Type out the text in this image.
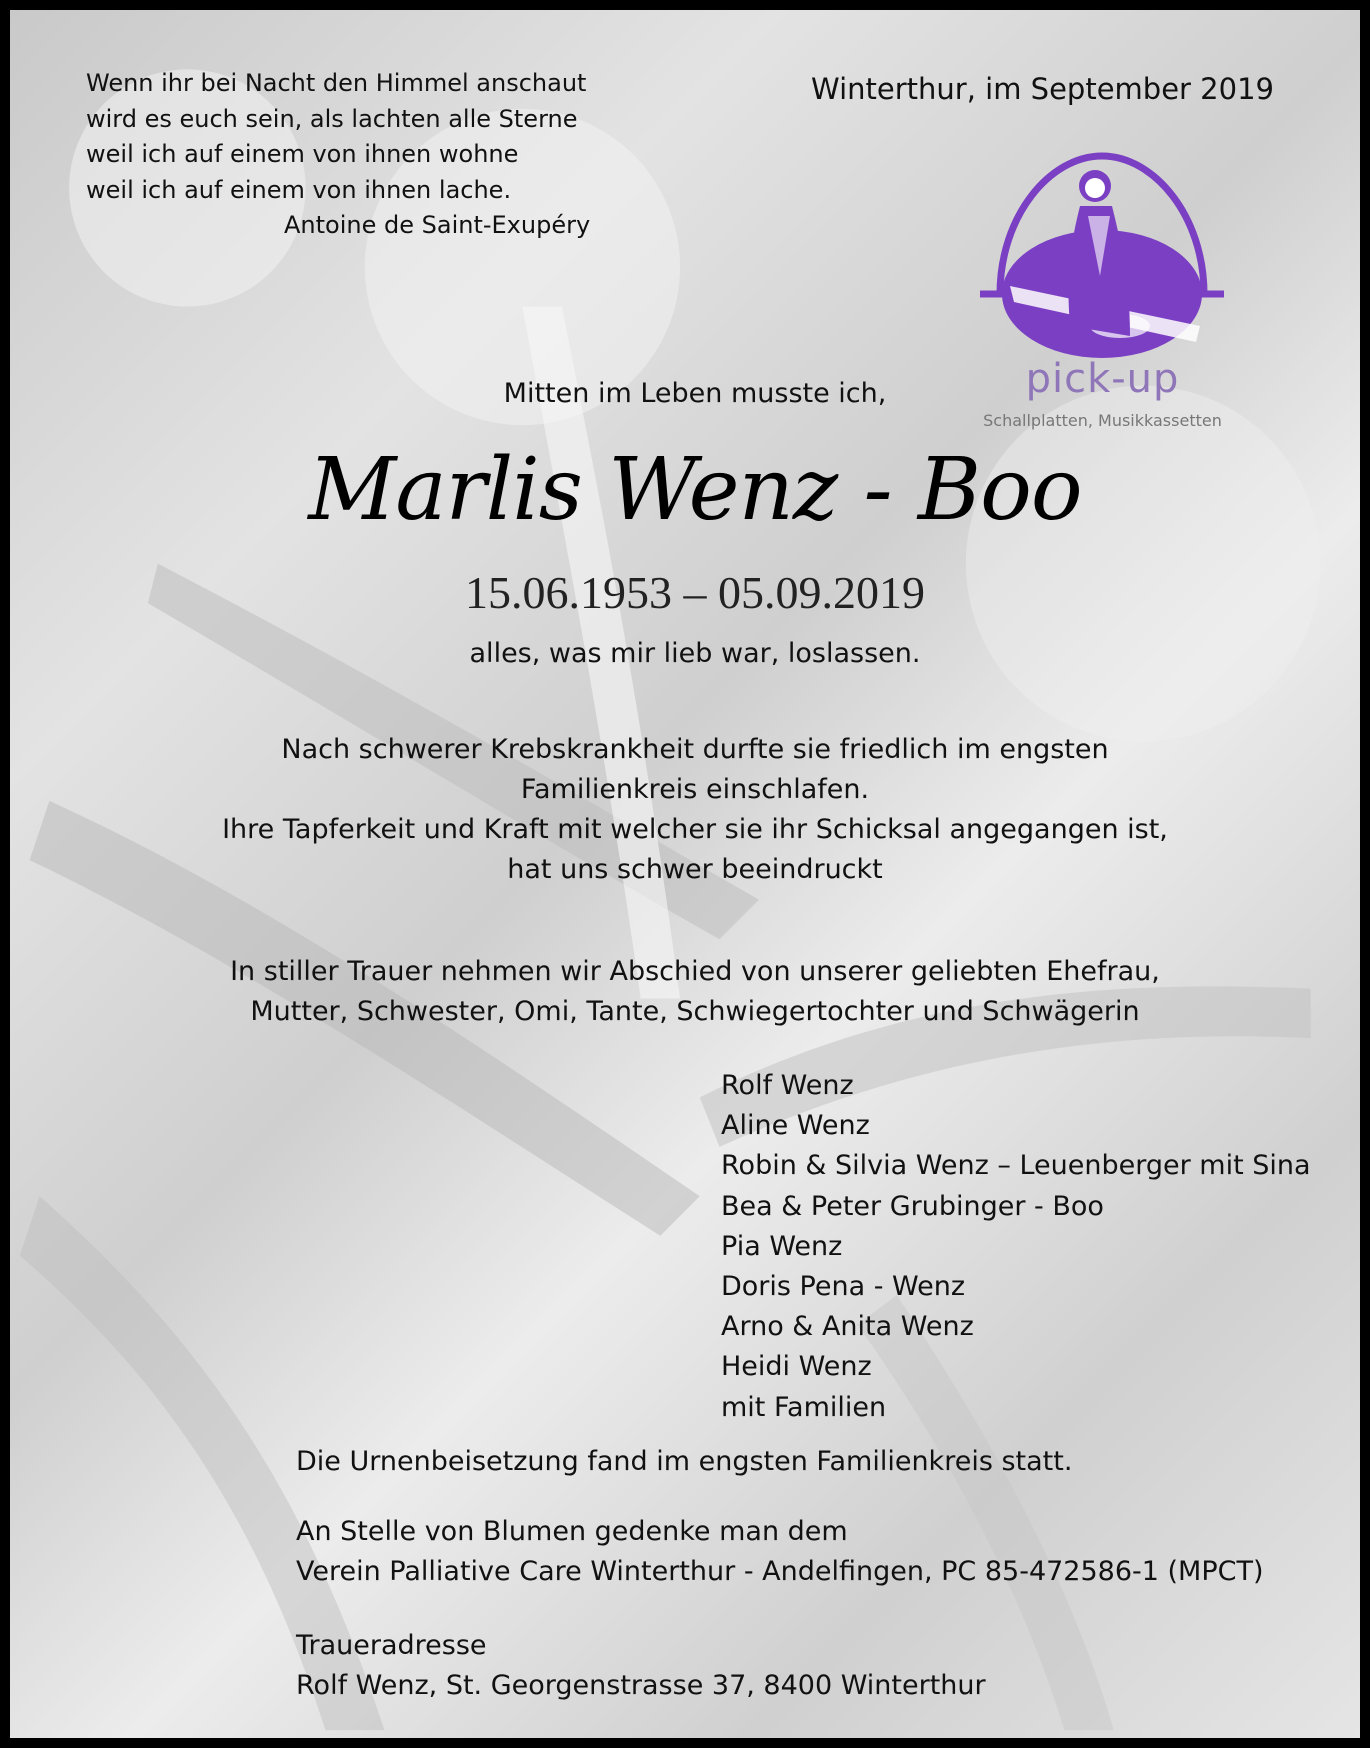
Wenn ihr bei Nacht den Himmel anschaut
wird es euch sein, als lachten alle Sterne
weil ich auf einem von ihnen wohne
weil ich auf einem von ihnen lache.
Antoine de Saint-Exupéry
Winterthur, im September 2019
pick-up
Schallplatten, Musikkassetten
Mitten im Leben musste ich,
Marlis Wenz - Boo
15.06.1953 – 05.09.2019
alles, was mir lieb war, loslassen.
Nach schwerer Krebskrankheit durfte sie friedlich im engsten
Familienkreis einschlafen.
Ihre Tapferkeit und Kraft mit welcher sie ihr Schicksal angegangen ist,
hat uns schwer beeindruckt
In stiller Trauer nehmen wir Abschied von unserer geliebten Ehefrau,
Mutter, Schwester, Omi, Tante, Schwiegertochter und Schwägerin
Rolf Wenz
Aline Wenz
Robin & Silvia Wenz – Leuenberger mit Sina
Bea & Peter Grubinger - Boo
Pia Wenz
Doris Pena - Wenz
Arno & Anita Wenz
Heidi Wenz
mit Familien
Die Urnenbeisetzung fand im engsten Familienkreis statt.
An Stelle von Blumen gedenke man dem
Verein Palliative Care Winterthur - Andelfingen, PC 85-472586-1 (MPCT)
Traueradresse
Rolf Wenz, St. Georgenstrasse 37, 8400 Winterthur
